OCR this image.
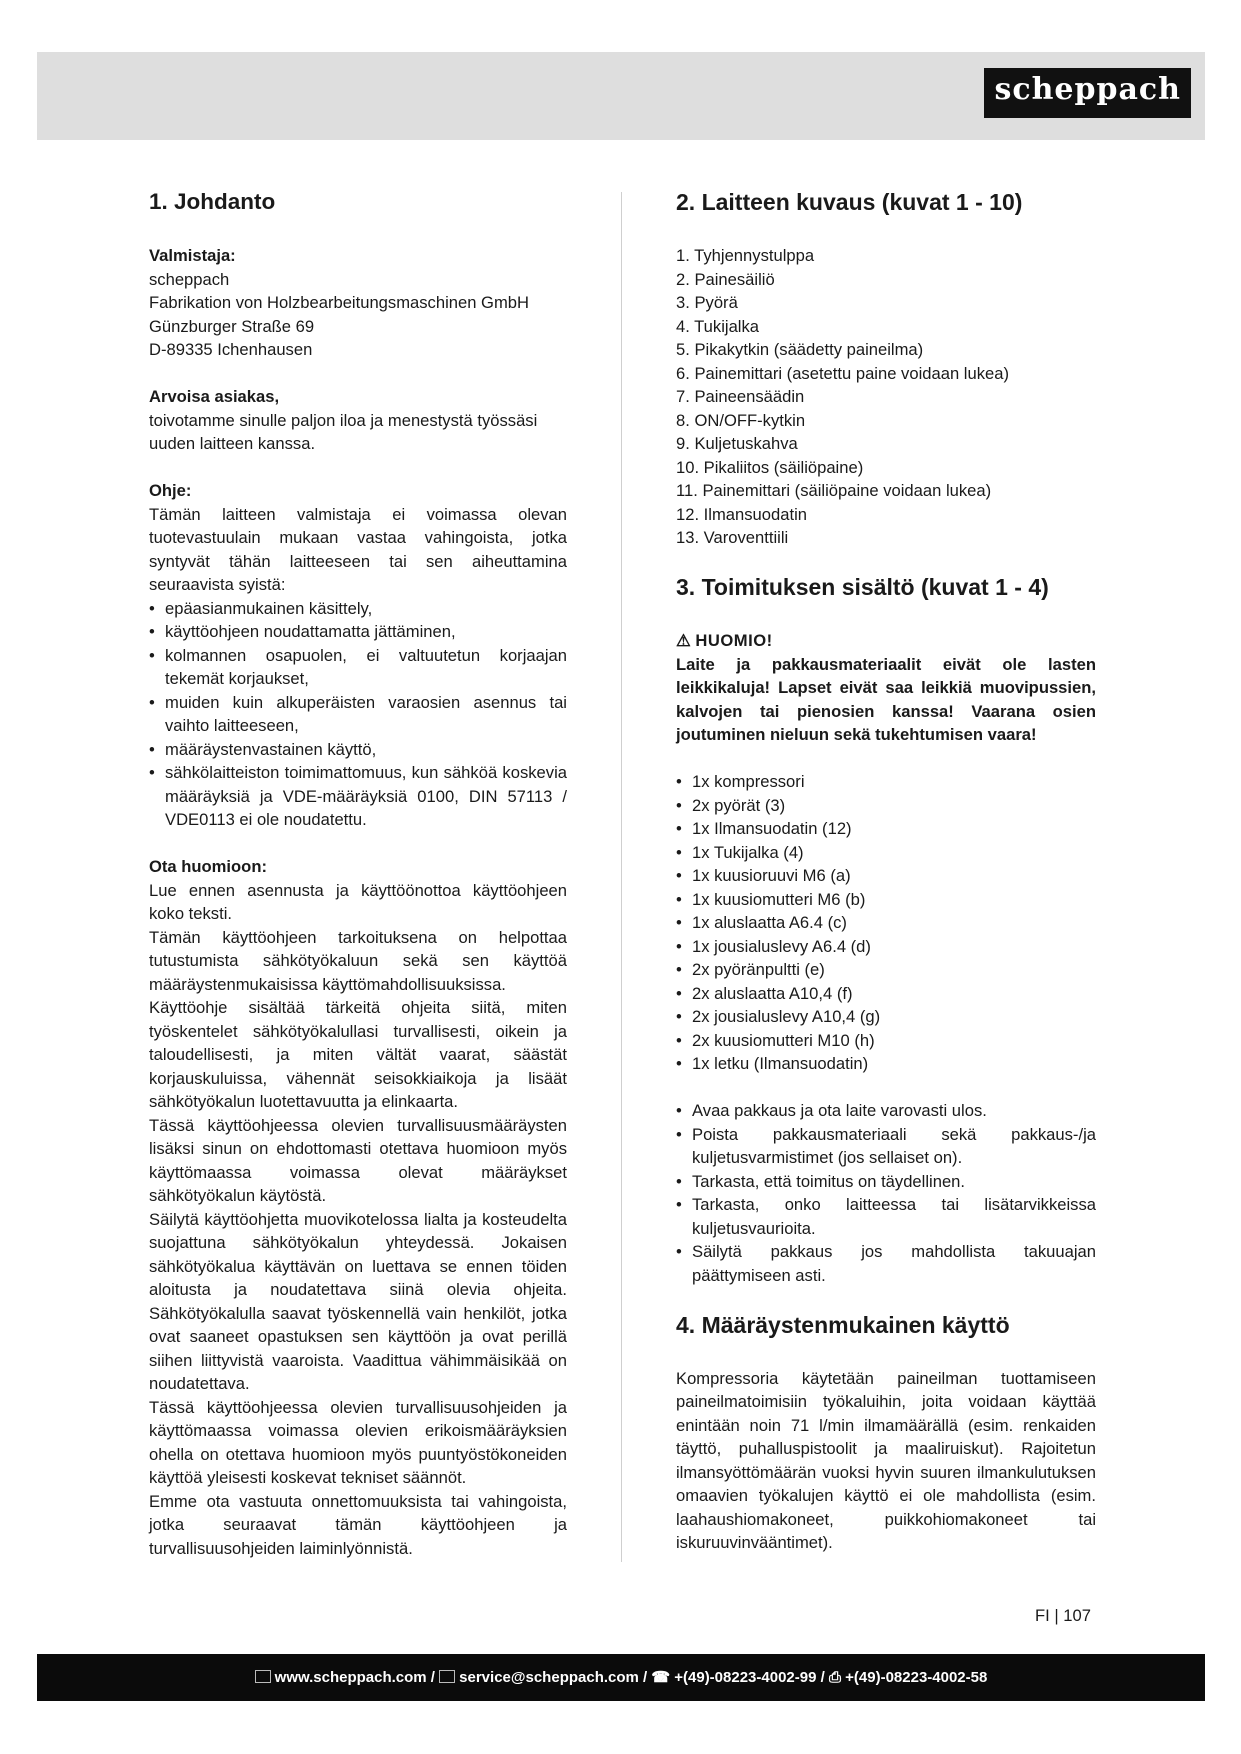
scheppach
1. Johdanto

Valmistaja:

scheppach

Fabrikation von Holzbearbeitungsmaschinen GmbH

Günzburger Straße 69

D-89335 Ichenhausen

Arvoisa asiakas,

toivotamme sinulle paljon iloa ja menestystä työssäsi uuden laitteen kanssa.

Ohje:

Tämän laitteen valmistaja ei voimassa olevan tuotevastuulain mukaan vastaa vahingoista, jotka syntyvät tähän laitteeseen tai sen aiheuttamina seuraavista syistä:

• epäasianmukainen käsittely,
• käyttöohjeen noudattamatta jättäminen,
• kolmannen osapuolen, ei valtuutetun korjaajan tekemät korjaukset,
• muiden kuin alkuperäisten varaosien asennus tai vaihto laitteeseen,
• määräystenvastainen käyttö,
• sähkölaitteiston toimimattomuus, kun sähköä koskevia määräyksiä ja VDE-määräyksiä 0100, DIN 57113 / VDE0113 ei ole noudatettu.

Ota huomioon:

Lue ennen asennusta ja käyttöönottoa käyttöohjeen koko teksti.

Tämän käyttöohjeen tarkoituksena on helpottaa tutustumista sähkötyökaluun sekä sen käyttöä määräystenmukaisissa käyttömahdollisuuksissa.

Käyttöohje sisältää tärkeitä ohjeita siitä, miten työskentelet sähkötyökalullasi turvallisesti, oikein ja taloudellisesti, ja miten vältät vaarat, säästät korjauskuluissa, vähennät seisokkiaikoja ja lisäät sähkötyökalun luotettavuutta ja elinkaarta.

Tässä käyttöohjeessa olevien turvallisuusmääräysten lisäksi sinun on ehdottomasti otettava huomioon myös käyttömaassa voimassa olevat määräykset sähkötyökalun käytöstä.

Säilytä käyttöohjetta muovikotelossa lialta ja kosteudelta suojattuna sähkötyökalun yhteydessä. Jokaisen sähkötyökalua käyttävän on luettava se ennen töiden aloitusta ja noudatettava siinä olevia ohjeita. Sähkötyökalulla saavat työskennellä vain henkilöt, jotka ovat saaneet opastuksen sen käyttöön ja ovat perillä siihen liittyvistä vaaroista. Vaadittua vähimmäisikää on noudatettava.

Tässä käyttöohjeessa olevien turvallisuusohjeiden ja käyttömaassa voimassa olevien erikoismääräyksien ohella on otettava huomioon myös puuntyöstökoneiden käyttöä yleisesti koskevat tekniset säännöt.

Emme ota vastuuta onnettomuuksista tai vahingoista, jotka seuraavat tämän käyttöohjeen ja turvallisuusohjeiden laiminlyönnistä.

2. Laitteen kuvaus (kuvat 1 - 10)
1. Tyhjennystulppa
2. Painesäiliö
3. Pyörä
4. Tukijalka
5. Pikakytkin (säädetty paineilma)
6. Painemittari (asetettu paine voidaan lukea)
7. Paineensäädin
8. ON/OFF-kytkin
9. Kuljetuskahva
10. Pikaliitos (säiliöpaine)
11. Painemittari (säiliöpaine voidaan lukea)
12. Ilmansuodatin
13. Varoventtiili
3. Toimituksen sisältö (kuvat 1 - 4)

⚠ HUOMIO!

Laite ja pakkausmateriaalit eivät ole lasten leikkikaluja! Lapset eivät saa leikkiä muovipussien, kalvojen tai pienosien kanssa! Vaarana osien joutuminen nieluun sekä tukehtumisen vaara!

• 1x kompressori
• 2x pyörät (3)
• 1x Ilmansuodatin (12)
• 1x Tukijalka (4)
• 1x kuusioruuvi M6 (a)
• 1x kuusiomutteri M6 (b)
• 1x aluslaatta A6.4 (c)
• 1x jousialuslevy A6.4 (d)
• 2x pyöränpultti (e)
• 2x aluslaatta A10,4 (f)
• 2x jousialuslevy A10,4 (g)
• 2x kuusiomutteri M10 (h)
• 1x letku (Ilmansuodatin)
• Avaa pakkaus ja ota laite varovasti ulos.
• Poista pakkausmateriaali sekä pakkaus-/ja kuljetusvarmistimet (jos sellaiset on).
• Tarkasta, että toimitus on täydellinen.
• Tarkasta, onko laitteessa tai lisätarvikkeissa kuljetusvaurioita.
• Säilytä pakkaus jos mahdollista takuuajan päättymiseen asti.
4. Määräystenmukainen käyttö

Kompressoria käytetään paineilman tuottamiseen paineilmatoimisiin työkaluihin, joita voidaan käyttää enintään noin 71 l/min ilmamäärällä (esim. renkaiden täyttö, puhalluspistoolit ja maaliruiskut). Rajoitetun ilmansyöttömäärän vuoksi hyvin suuren ilmankulutuksen omaavien työkalujen käyttö ei ole mahdollista (esim. laahaushiomakoneet, puikkohiomakoneet tai iskuruuvinvääntimet).

FI | 107
www.scheppach.com / service@scheppach.com / ☎ +(49)-08223-4002-99 / ⎙ +(49)-08223-4002-58
